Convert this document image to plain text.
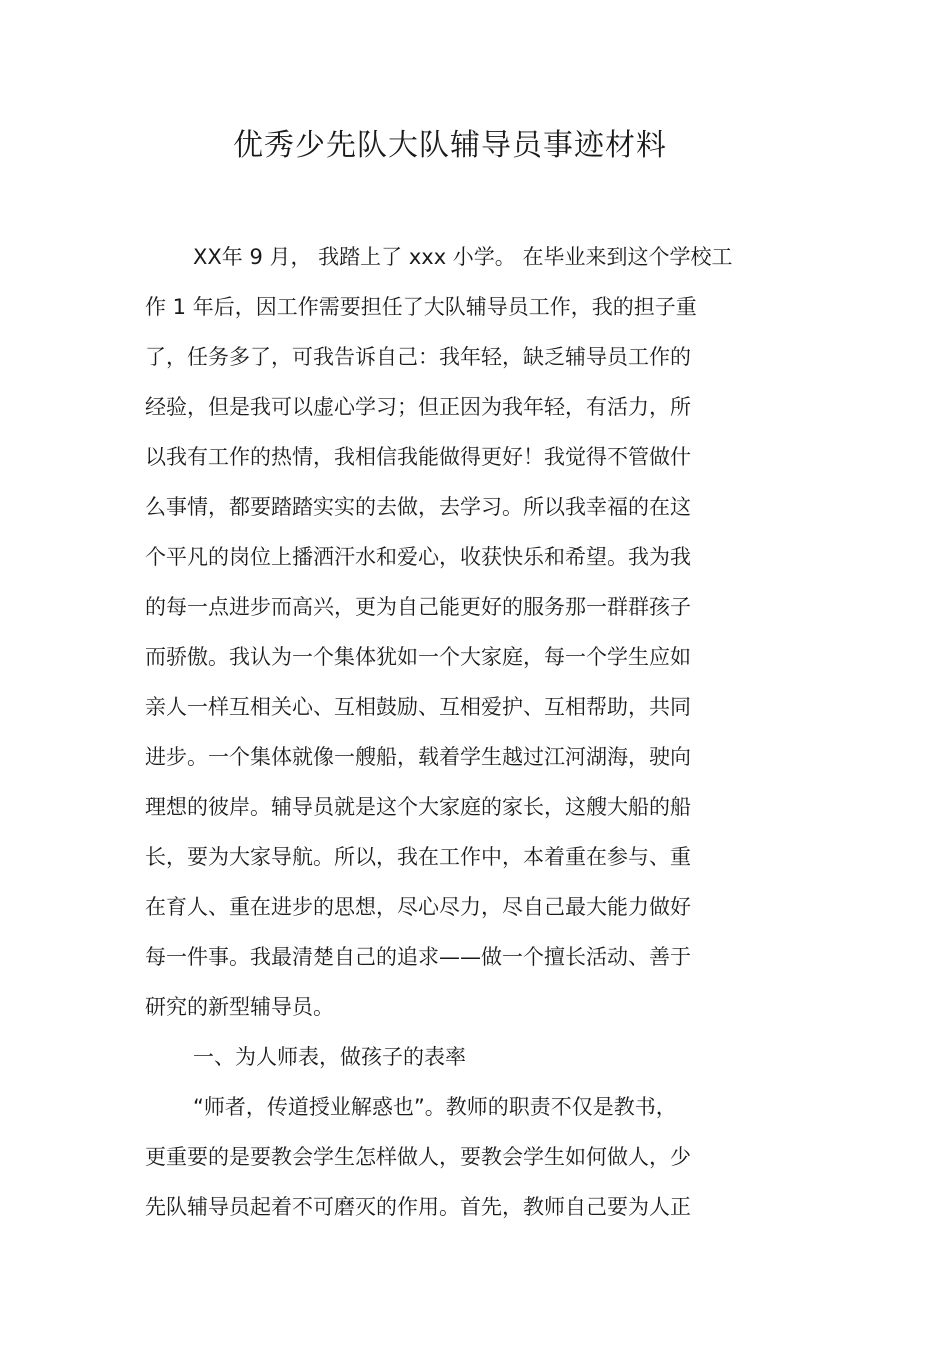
优秀少先队大队辅导员事迹材料
XX年 9 月， 我踏上了 xxx 小学。 在毕业来到这个学校工
作 1 年后，因工作需要担任了大队辅导员工作，我的担子重
了，任务多了，可我告诉自己：我年轻，缺乏辅导员工作的
经验，但是我可以虚心学习；但正因为我年轻，有活力，所
以我有工作的热情，我相信我能做得更好！我觉得不管做什
么事情，都要踏踏实实的去做，去学习。所以我幸福的在这
个平凡的岗位上播洒汗水和爱心，收获快乐和希望。我为我
的每一点进步而高兴，更为自己能更好的服务那一群群孩子
而骄傲。我认为一个集体犹如一个大家庭，每一个学生应如
亲人一样互相关心、互相鼓励、互相爱护、互相帮助，共同
进步。一个集体就像一艘船，载着学生越过江河湖海，驶向
理想的彼岸。辅导员就是这个大家庭的家长，这艘大船的船
长，要为大家导航。所以，我在工作中，本着重在参与、重
在育人、重在进步的思想，尽心尽力，尽自己最大能力做好
每一件事。我最清楚自己的追求——做一个擅长活动、善于
研究的新型辅导员。
一、为人师表，做孩子的表率
“师者，传道授业解惑也”。教师的职责不仅是教书，
更重要的是要教会学生怎样做人，要教会学生如何做人，少
先队辅导员起着不可磨灭的作用。首先，教师自己要为人正
